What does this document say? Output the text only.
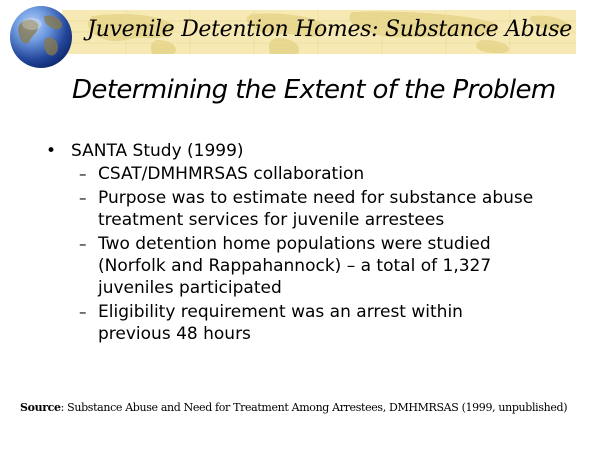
Juvenile Detention Homes: Substance Abuse
Determining the Extent of the Problem
• SANTA Study (1999)
– CSAT/DMHMRSAS collaboration
– Purpose was to estimate need for substance abuse treatment services for juvenile arrestees
– Two detention home populations were studied (Norfolk and Rappahannock) – a total of 1,327 juveniles participated
– Eligibility requirement was an arrest within previous 48 hours
Source: Substance Abuse and Need for Treatment Among Arrestees, DMHMRSAS (1999, unpublished)
